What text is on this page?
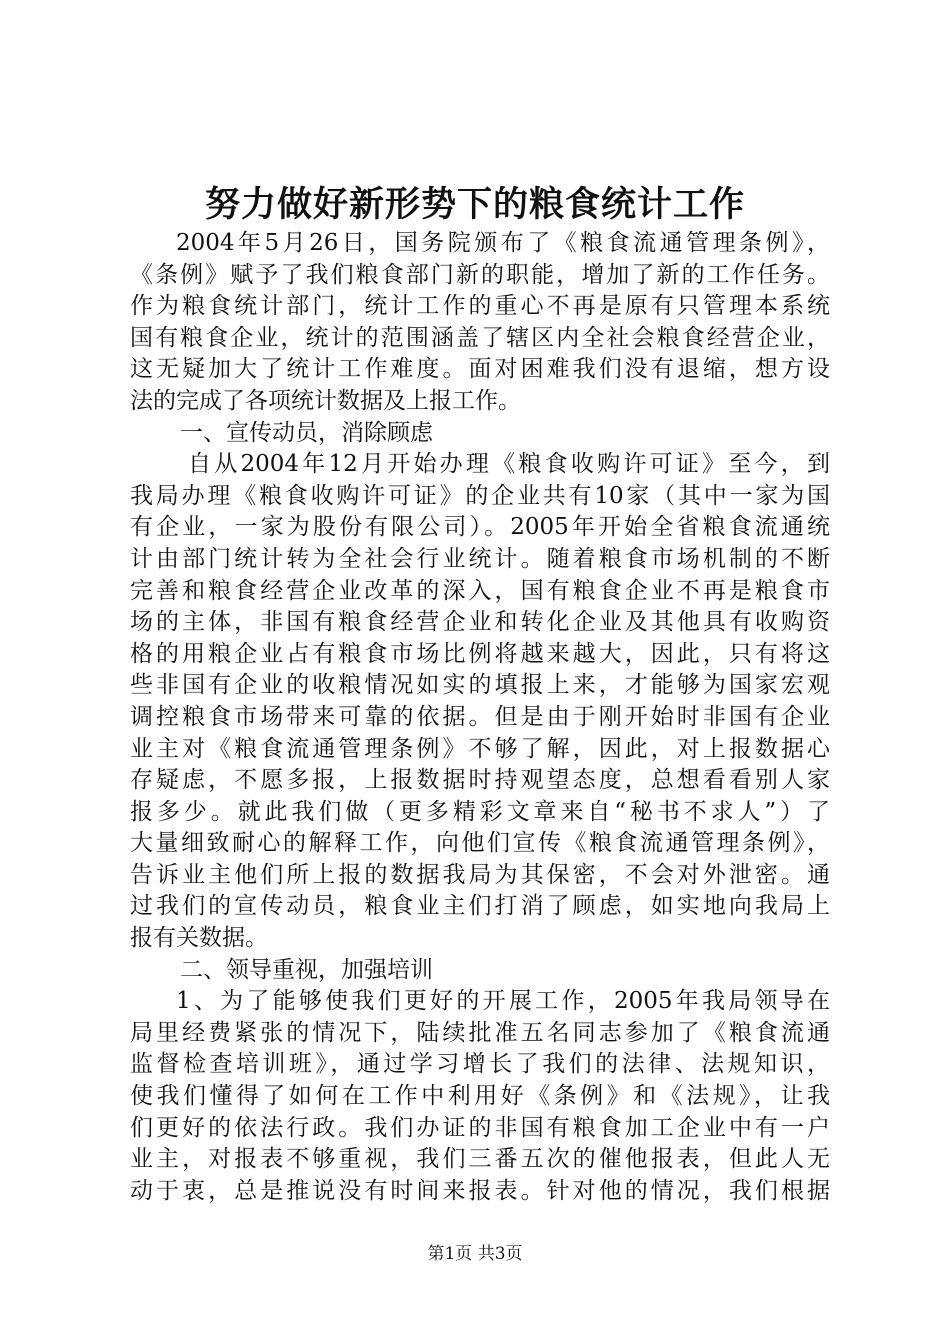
努力做好新形势下的粮食统计工作
2004年5月26日，国务院颁布了《粮食流通管理条例》，
《条例》赋予了我们粮食部门新的职能，增加了新的工作任务。
作为粮食统计部门，统计工作的重心不再是原有只管理本系统
国有粮食企业，统计的范围涵盖了辖区内全社会粮食经营企业，
这无疑加大了统计工作难度。面对困难我们没有退缩，想方设
法的完成了各项统计数据及上报工作。
一、宣传动员，消除顾虑
自从2004年12月开始办理《粮食收购许可证》至今，到
我局办理《粮食收购许可证》的企业共有10家（其中一家为国
有企业，一家为股份有限公司）。2005年开始全省粮食流通统
计由部门统计转为全社会行业统计。随着粮食市场机制的不断
完善和粮食经营企业改革的深入，国有粮食企业不再是粮食市
场的主体，非国有粮食经营企业和转化企业及其他具有收购资
格的用粮企业占有粮食市场比例将越来越大，因此，只有将这
些非国有企业的收粮情况如实的填报上来，才能够为国家宏观
调控粮食市场带来可靠的依据。但是由于刚开始时非国有企业
业主对《粮食流通管理条例》不够了解，因此，对上报数据心
存疑虑，不愿多报，上报数据时持观望态度，总想看看别人家
报多少。就此我们做（更多精彩文章来自“秘书不求人”）了
大量细致耐心的解释工作，向他们宣传《粮食流通管理条例》，
告诉业主他们所上报的数据我局为其保密，不会对外泄密。通
过我们的宣传动员，粮食业主们打消了顾虑，如实地向我局上
报有关数据。
二、领导重视，加强培训
1、为了能够使我们更好的开展工作，2005年我局领导在
局里经费紧张的情况下，陆续批准五名同志参加了《粮食流通
监督检查培训班》，通过学习增长了我们的法律、法规知识，
使我们懂得了如何在工作中利用好《条例》和《法规》，让我
们更好的依法行政。我们办证的非国有粮食加工企业中有一户
业主，对报表不够重视，我们三番五次的催他报表，但此人无
动于衷，总是推说没有时间来报表。针对他的情况，我们根据
第1页 共3页
